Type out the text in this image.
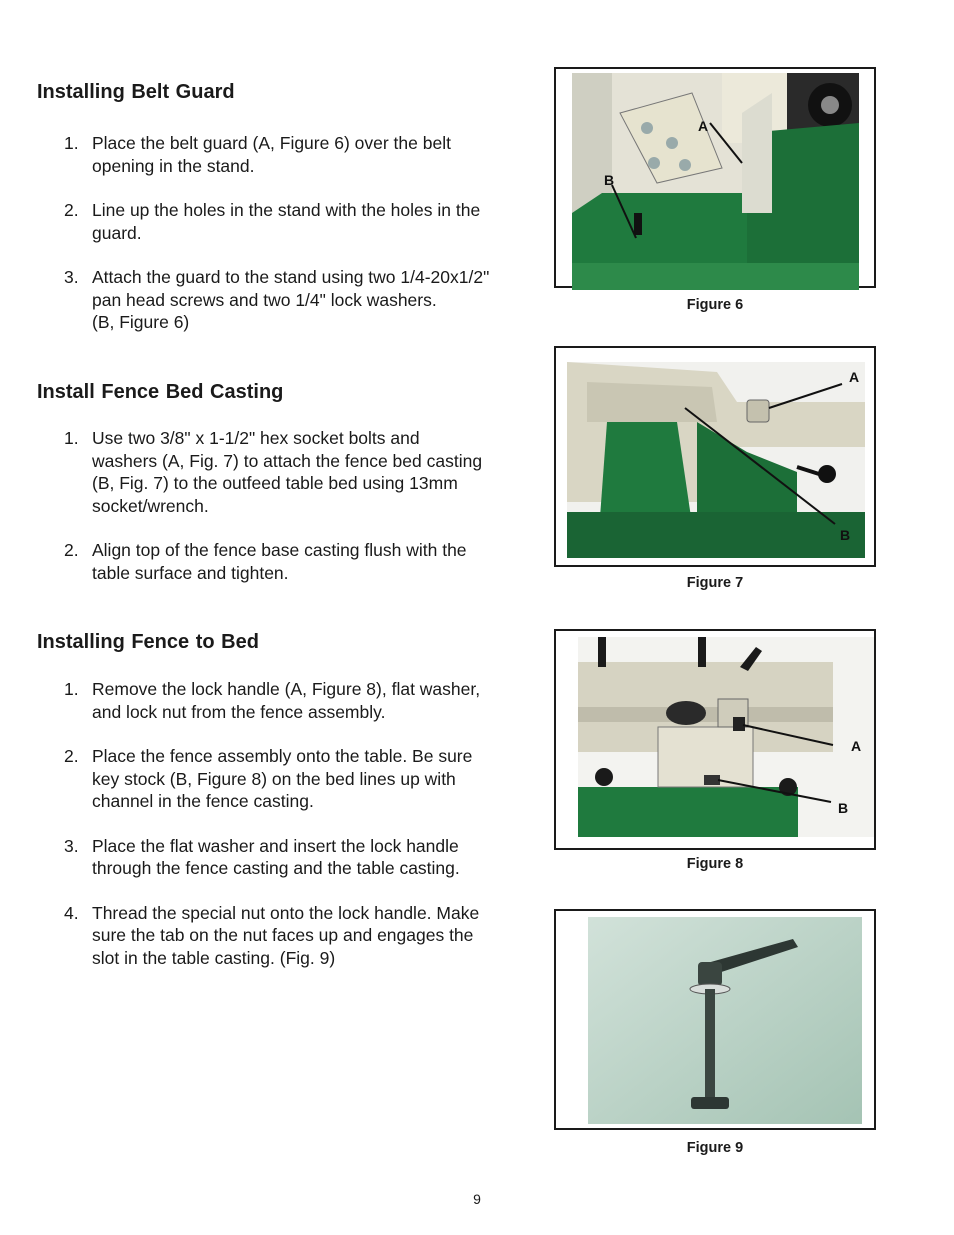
Installing Belt Guard
1. Place the belt guard (A, Figure 6) over the belt
opening in the stand.
2. Line up the holes in the stand with the holes in the
guard.
3. Attach the guard to the stand using two 1/4-20x1/2"
pan head screws and two 1/4" lock washers.
(B, Figure 6)
Install Fence Bed Casting
1. Use two 3/8" x 1-1/2" hex socket bolts and
washers (A, Fig. 7) to attach the fence bed casting
(B, Fig. 7) to the outfeed table bed using 13mm
socket/wrench.
2. Align top of the fence base casting flush with the
table surface and tighten.
Installing Fence to Bed
1. Remove the lock handle (A, Figure 8), flat washer,
and lock nut from the fence assembly.
2. Place the fence assembly onto the table. Be sure
key stock (B, Figure 8) on the bed lines up with
channel in the fence casting.
3. Place the flat washer and insert the lock handle
through the fence casting and the table casting.
4. Thread the special nut onto the lock handle. Make
sure the tab on the nut faces up and engages the
slot in the table casting. (Fig. 9)
A
B
Figure 6
A
B
Figure 7
A
B
Figure 8
Figure 9
9
